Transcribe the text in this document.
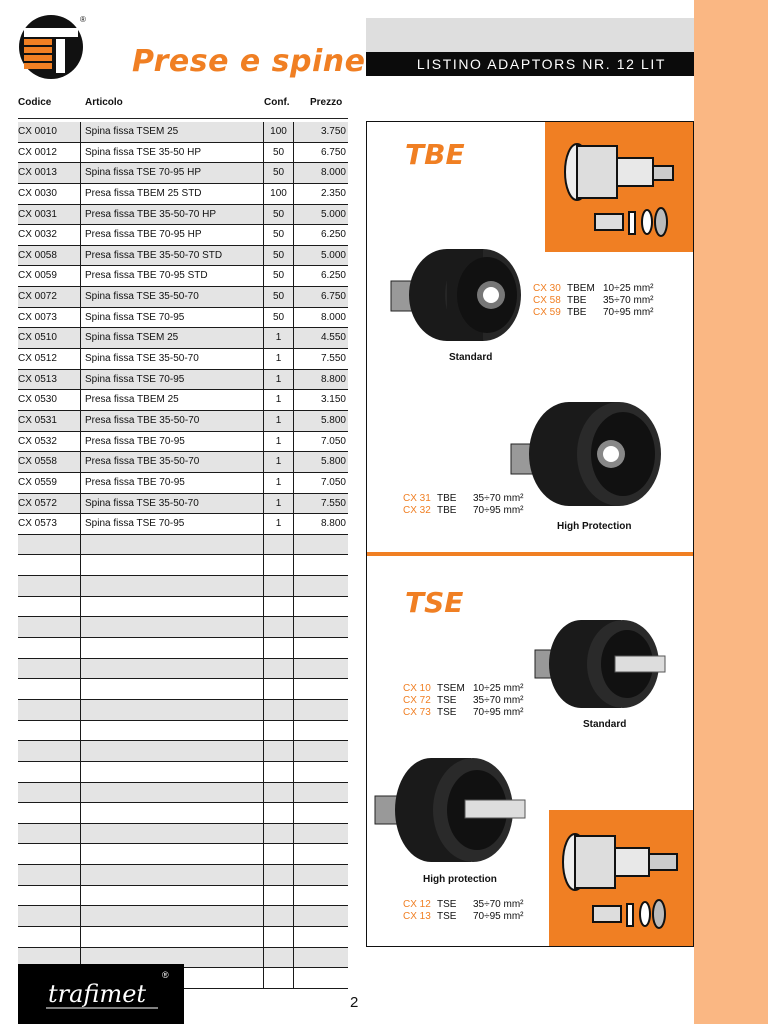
®
Prese e spine	LISTINO ADAPTORS NR. 12 LIT
Codice	Articolo	Conf. Prezzo
CX 0010	Spina fissa TSEM 25	100	3.750
CX 0012	Spina fissa TSE 35-50 HP	50	6.750
CX 0013	Spina fissa TSE 70-95 HP	50	8.000
CX 0030	Presa fissa TBEM 25 STD	100	2.350
CX 0031	Presa fissa TBE 35-50-70 HP	50	5.000
CX 0032	Presa fissa TBE 70-95 HP	50	6.250
CX 0058	Presa fissa TBE 35-50-70 STD	50	5.000
CX 0059	Presa fissa TBE 70-95 STD	50	6.250
CX 0072	Spina fissa TSE 35-50-70	50	6.750
CX 0073	Spina fissa TSE 70-95	50	8.000
CX 0510	Spina fissa TSEM 25	1	4.550
CX 0512	Spina fissa TSE 35-50-70	1	7.550
CX 0513	Spina fissa TSE 70-95	1	8.800
CX 0530	Presa fissa TBEM 25	1	3.150
CX 0531	Presa fissa TBE 35-50-70	1	5.800
CX 0532	Presa fissa TBE 70-95	1	7.050
CX 0558	Presa fissa TBE 35-50-70	1	5.800
CX 0559	Presa fissa TBE 70-95	1	7.050
CX 0572	Spina fissa TSE 35-50-70	1	7.550
CX 0573	Spina fissa TSE 70-95	1	8.800
TBE
CX 30 TBEM 10÷25 mm²
CX 58 TBE 35÷70 mm²
CX 59 TBE 70÷95 mm²
Standard
CX 31 TBE 35÷70 mm²
CX 32 TBE 70÷95 mm²
High Protection
TSE
CX 10 TSEM 10÷25 mm²
CX 72 TSE 35÷70 mm²
CX 73 TSE 70÷95 mm²
Standard
High protection
CX 12 TSE 35÷70 mm²
CX 13 TSE 70÷95 mm²
trafimet
®
2
